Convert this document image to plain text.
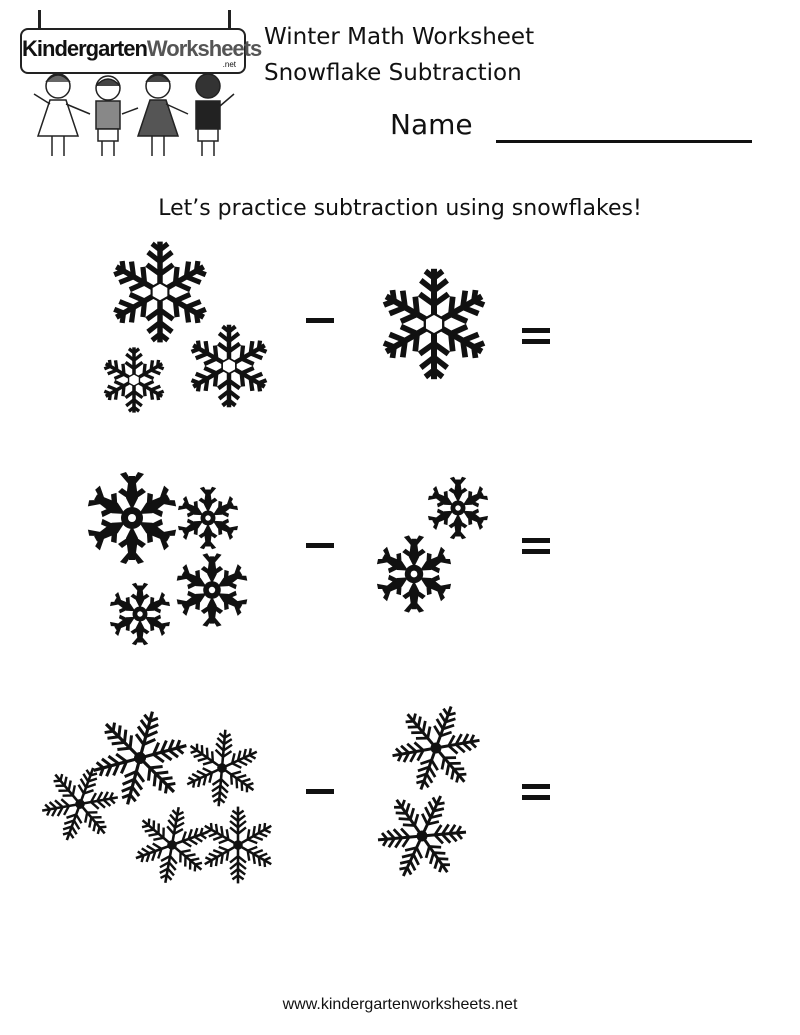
KindergartenWorksheets
.net
Winter Math Worksheet
Snowflake Subtraction
Name
Let’s practice subtraction using snowflakes!
www.kindergartenworksheets.net
